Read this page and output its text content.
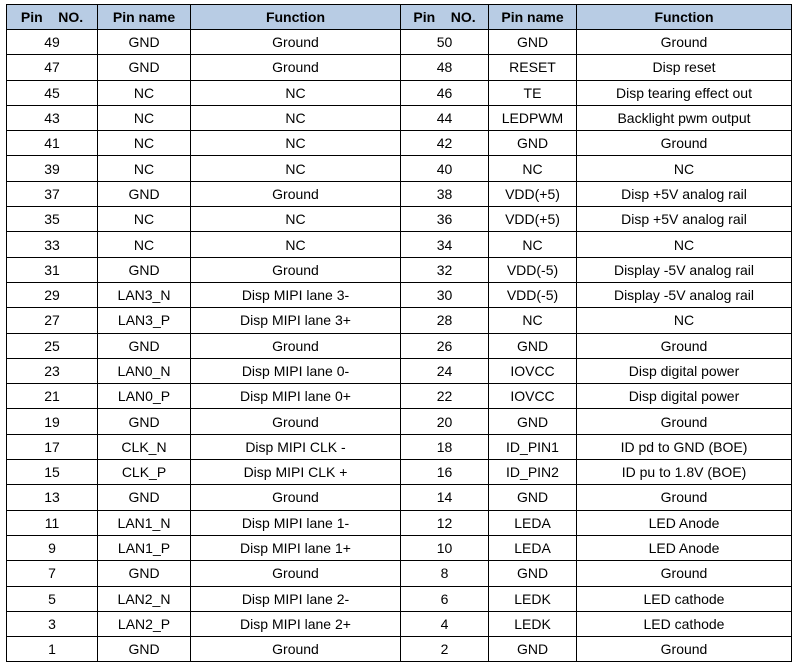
Pin    NO.	Pin name	Function	Pin    NO.	Pin name	Function
49	GND	Ground	50	GND	Ground
47	GND	Ground	48	RESET	Disp reset
45	NC	NC	46	TE	Disp tearing effect out
43	NC	NC	44	LEDPWM	Backlight pwm output
41	NC	NC	42	GND	Ground
39	NC	NC	40	NC	NC
37	GND	Ground	38	VDD(+5)	Disp +5V analog rail
35	NC	NC	36	VDD(+5)	Disp +5V analog rail
33	NC	NC	34	NC	NC
31	GND	Ground	32	VDD(-5)	Display -5V analog rail
29	LAN3_N	Disp MIPI lane 3-	30	VDD(-5)	Display -5V analog rail
27	LAN3_P	Disp MIPI lane 3+	28	NC	NC
25	GND	Ground	26	GND	Ground
23	LAN0_N	Disp MIPI lane 0-	24	IOVCC	Disp digital power
21	LAN0_P	Disp MIPI lane 0+	22	IOVCC	Disp digital power
19	GND	Ground	20	GND	Ground
17	CLK_N	Disp MIPI CLK -	18	ID_PIN1	ID pd to GND (BOE)
15	CLK_P	Disp MIPI CLK +	16	ID_PIN2	ID pu to 1.8V (BOE)
13	GND	Ground	14	GND	Ground
11	LAN1_N	Disp MIPI lane 1-	12	LEDA	LED Anode
9	LAN1_P	Disp MIPI lane 1+	10	LEDA	LED Anode
7	GND	Ground	8	GND	Ground
5	LAN2_N	Disp MIPI lane 2-	6	LEDK	LED cathode
3	LAN2_P	Disp MIPI lane 2+	4	LEDK	LED cathode
1	GND	Ground	2	GND	Ground
